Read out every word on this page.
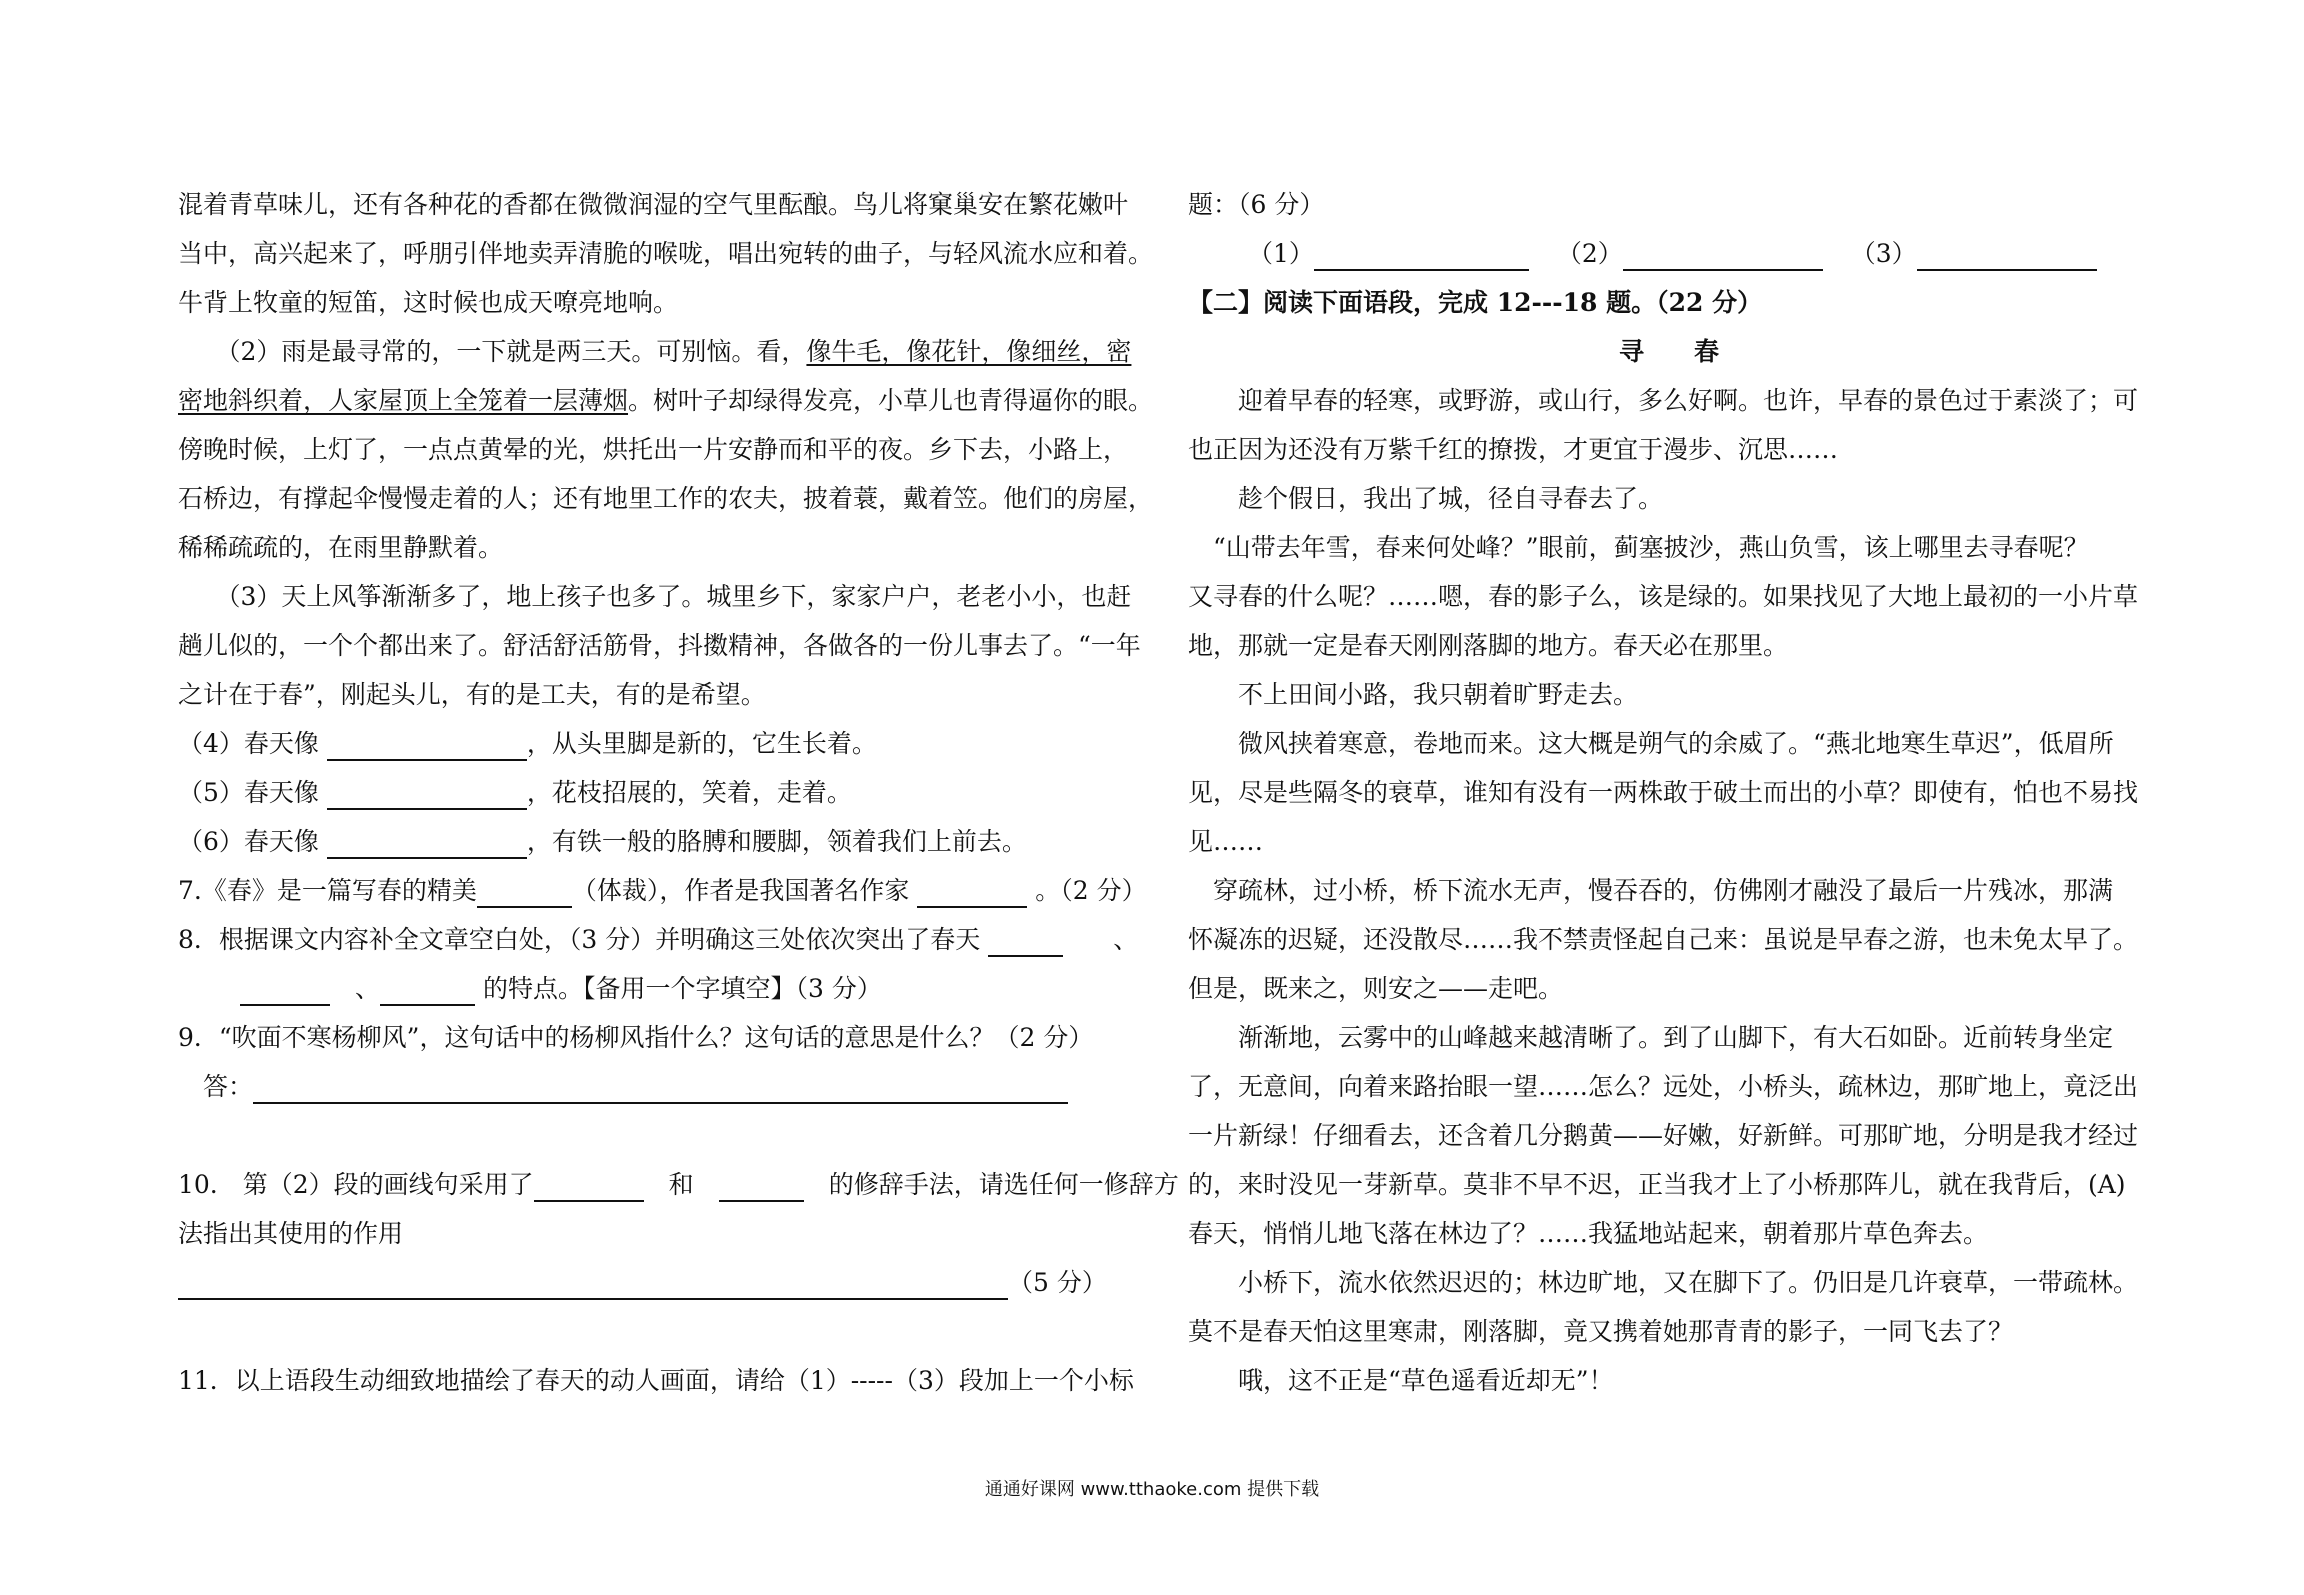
混着青草味儿，还有各种花的香都在微微润湿的空气里酝酿。鸟儿将窠巢安在繁花嫩叶
当中，高兴起来了，呼朋引伴地卖弄清脆的喉咙，唱出宛转的曲子，与轻风流水应和着。
牛背上牧童的短笛，这时候也成天嘹亮地响。
　　（2）雨是最寻常的，一下就是两三天。可别恼。看，像牛毛，像花针，像细丝，密
密地斜织着，人家屋顶上全笼着一层薄烟。树叶子却绿得发亮，小草儿也青得逼你的眼。
傍晚时候，上灯了，一点点黄晕的光，烘托出一片安静而和平的夜。乡下去，小路上，
石桥边，有撑起伞慢慢走着的人；还有地里工作的农夫，披着蓑，戴着笠。他们的房屋，
稀稀疏疏的，在雨里静默着。
　　（3）天上风筝渐渐多了，地上孩子也多了。城里乡下，家家户户，老老小小，也赶
趟儿似的，一个个都出来了。舒活舒活筋骨，抖擞精神，各做各的一份儿事去了。“一年
之计在于春”，刚起头儿，有的是工夫，有的是希望。
（4）春天像	，从头里脚是新的，它生长着。
（5）春天像	，花枝招展的，笑着，走着。
（6）春天像	，有铁一般的胳膊和腰脚，领着我们上前去。
7.《春》是一篇写春的精美	（体裁），作者是我国著名作家	。（2 分）
8．根据课文内容补全文章空白处，（3 分）并明确这三处依次突出了春天	　　、
　、	的特点。【备用一个字填空】（3 分）
9．“吹面不寒杨柳风”，这句话中的杨柳风指什么？这句话的意思是什么？（2 分）
　答：
10.　第（2）段的画线句采用了	　和　	　的修辞手法，请选任何一修辞方
法指出其使用的作用
（5 分）
11．以上语段生动细致地描绘了春天的动人画面，请给（1）-----（3）段加上一个小标
题：（6 分）
（1）	（2）	（3）
【二】阅读下面语段，完成 12---18 题。（22 分）
寻　　春
　　迎着早春的轻寒，或野游，或山行，多么好啊。也许，早春的景色过于素淡了；可
也正因为还没有万紫千红的撩拨，才更宜于漫步、沉思……
　　趁个假日，我出了城，径自寻春去了。
　“山带去年雪，春来何处峰？”眼前，蓟塞披沙，燕山负雪，该上哪里去寻春呢？
又寻春的什么呢？……嗯，春的影子么，该是绿的。如果找见了大地上最初的一小片草
地，那就一定是春天刚刚落脚的地方。春天必在那里。
　　不上田间小路，我只朝着旷野走去。
　　微风挟着寒意，卷地而来。这大概是朔气的余威了。“燕北地寒生草迟”，低眉所
见，尽是些隔冬的衰草，谁知有没有一两株敢于破土而出的小草？即使有，怕也不易找
见……
　穿疏林，过小桥，桥下流水无声，慢吞吞的，仿佛刚才融没了最后一片残冰，那满
怀凝冻的迟疑，还没散尽……我不禁责怪起自己来：虽说是早春之游，也未免太早了。
但是，既来之，则安之——走吧。
　　渐渐地，云雾中的山峰越来越清晰了。到了山脚下，有大石如卧。近前转身坐定
了，无意间，向着来路抬眼一望……怎么？远处，小桥头，疏林边，那旷地上，竟泛出
一片新绿！仔细看去，还含着几分鹅黄——好嫩，好新鲜。可那旷地，分明是我才经过
的，来时没见一芽新草。莫非不早不迟，正当我才上了小桥那阵儿，就在我背后，(A)
春天，悄悄儿地飞落在林边了？……我猛地站起来，朝着那片草色奔去。
　　小桥下，流水依然迟迟的；林边旷地，又在脚下了。仍旧是几许衰草，一带疏林。
莫不是春天怕这里寒肃，刚落脚，竟又携着她那青青的影子，一同飞去了？
　　哦，这不正是“草色遥看近却无”！
通通好课网 www.tthaoke.com 提供下载
